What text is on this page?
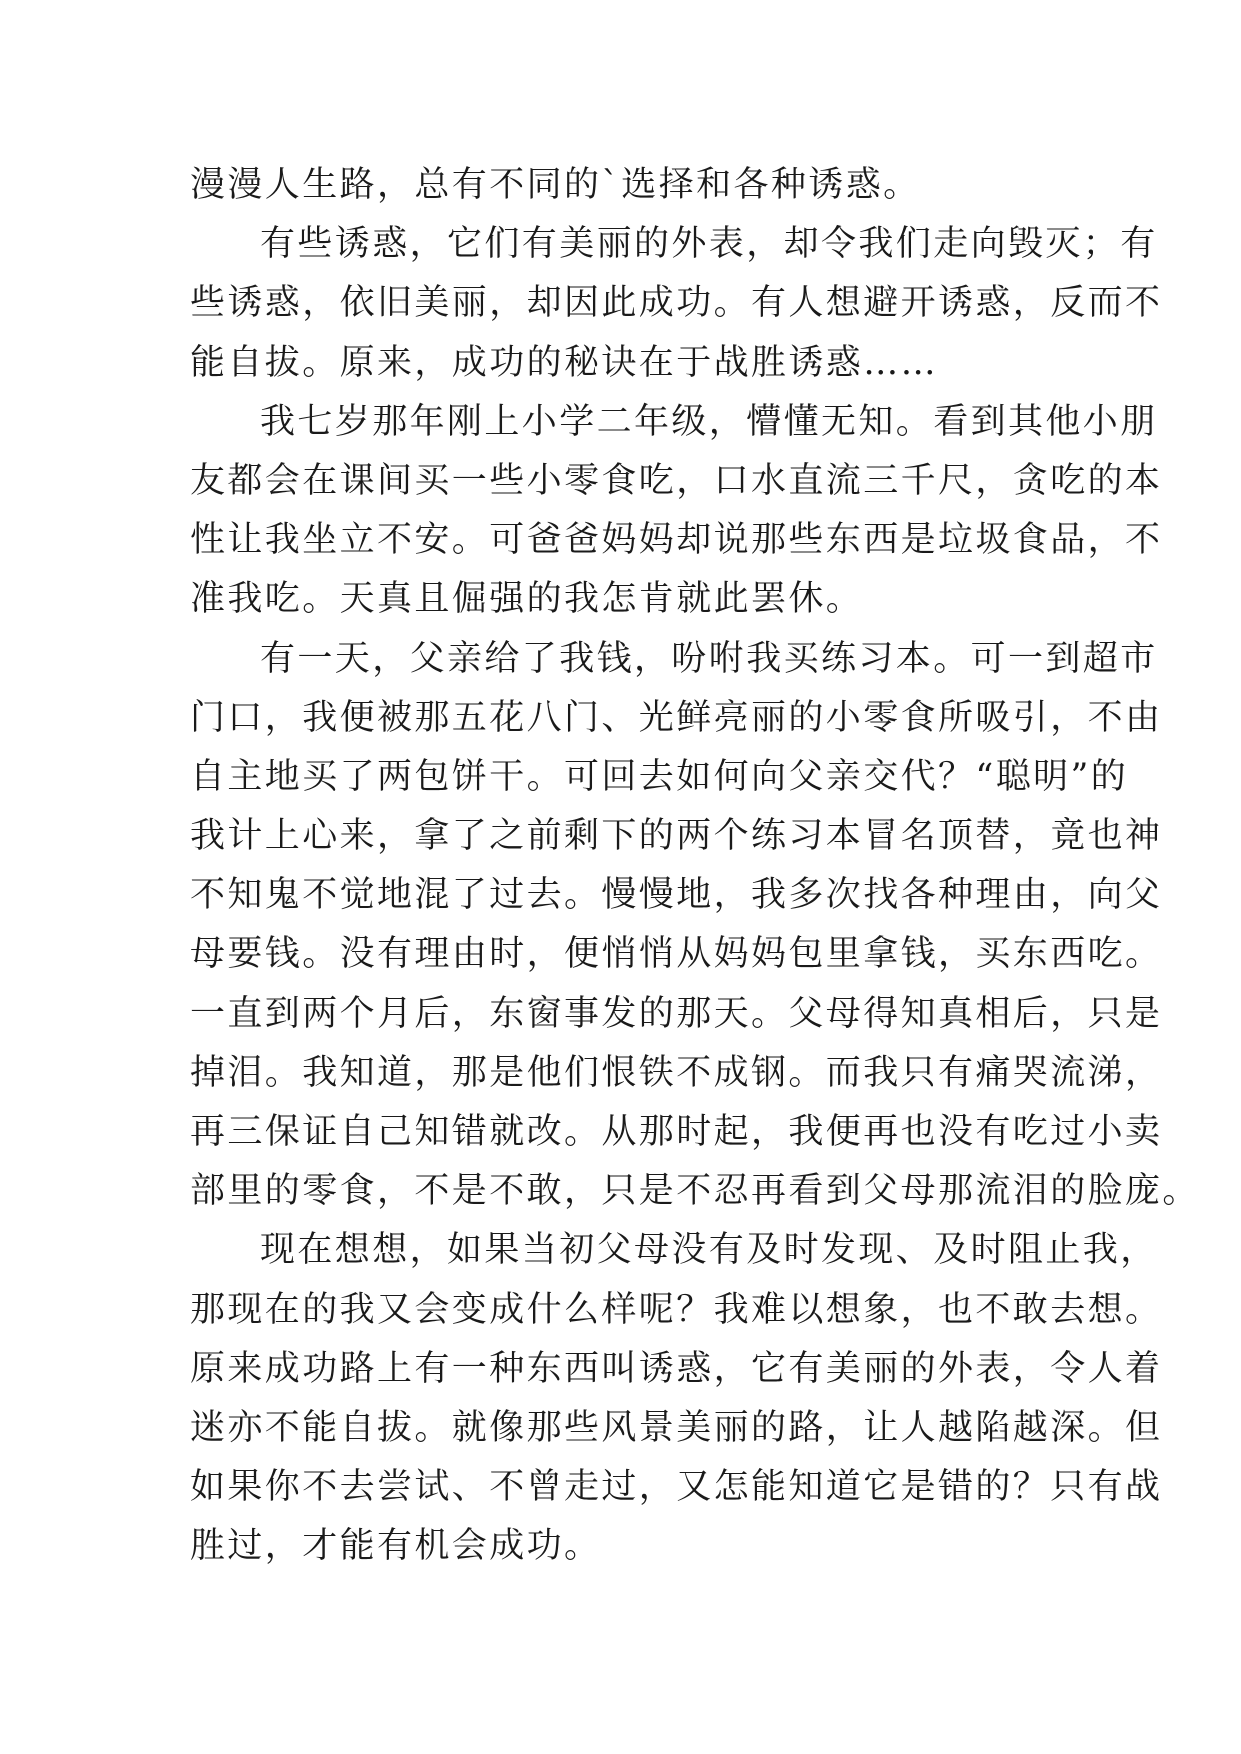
漫漫人生路，总有不同的`选择和各种诱惑。
有些诱惑，它们有美丽的外表，却令我们走向毁灭；有
些诱惑，依旧美丽，却因此成功。有人想避开诱惑，反而不
能自拔。原来，成功的秘诀在于战胜诱惑……
我七岁那年刚上小学二年级，懵懂无知。看到其他小朋
友都会在课间买一些小零食吃，口水直流三千尺，贪吃的本
性让我坐立不安。可爸爸妈妈却说那些东西是垃圾食品，不
准我吃。天真且倔强的我怎肯就此罢休。
有一天，父亲给了我钱，吩咐我买练习本。可一到超市
门口，我便被那五花八门、光鲜亮丽的小零食所吸引，不由
自主地买了两包饼干。可回去如何向父亲交代？“聪明”的
我计上心来，拿了之前剩下的两个练习本冒名顶替，竟也神
不知鬼不觉地混了过去。慢慢地，我多次找各种理由，向父
母要钱。没有理由时，便悄悄从妈妈包里拿钱，买东西吃。
一直到两个月后，东窗事发的那天。父母得知真相后，只是
掉泪。我知道，那是他们恨铁不成钢。而我只有痛哭流涕，
再三保证自己知错就改。从那时起，我便再也没有吃过小卖
部里的零食，不是不敢，只是不忍再看到父母那流泪的脸庞。
现在想想，如果当初父母没有及时发现、及时阻止我，
那现在的我又会变成什么样呢？我难以想象，也不敢去想。
原来成功路上有一种东西叫诱惑，它有美丽的外表，令人着
迷亦不能自拔。就像那些风景美丽的路，让人越陷越深。但
如果你不去尝试、不曾走过，又怎能知道它是错的？只有战
胜过，才能有机会成功。
